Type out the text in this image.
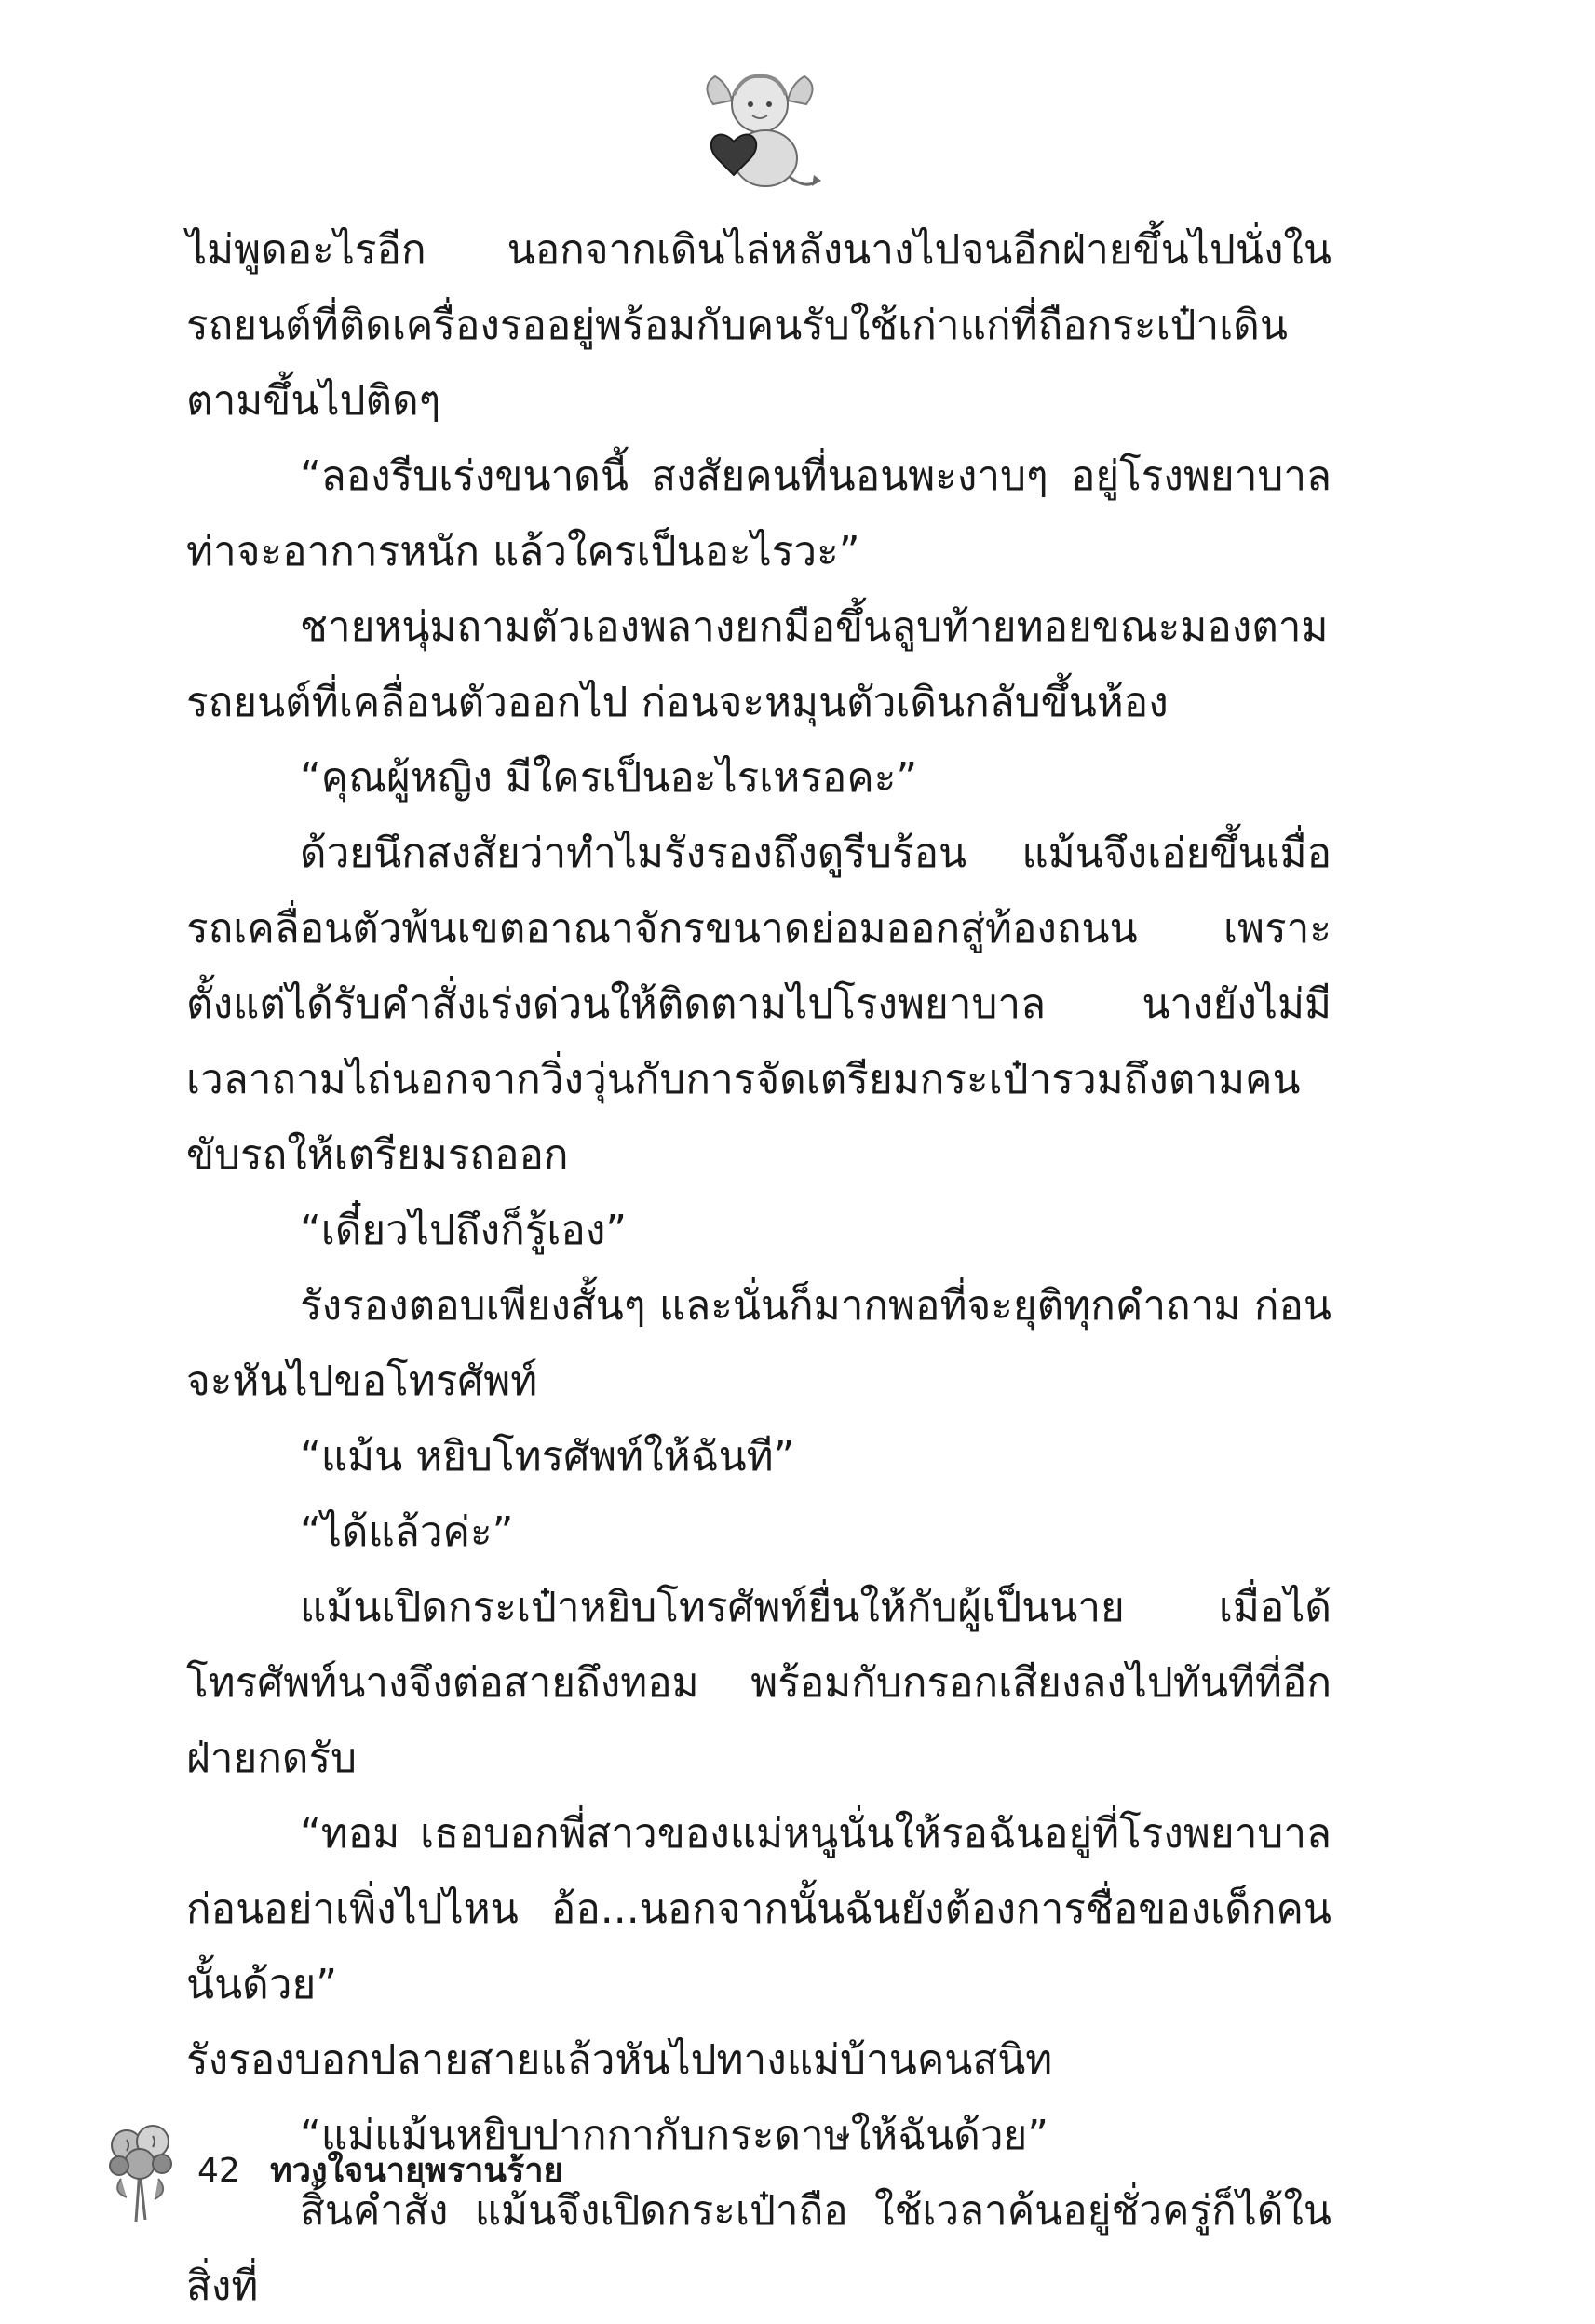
ไม่พูดอะไรอีก นอกจากเดินไล่หลังนางไปจนอีกฝ่ายขึ้นไปนั่งในรถยนต์ที่ติดเครื่องรออยู่พร้อมกับคนรับใช้เก่าแก่ที่ถือกระเป๋าเดินตามขึ้นไปติดๆ

“ลองรีบเร่งขนาดนี้ สงสัยคนที่นอนพะงาบๆ อยู่โรงพยาบาลท่าจะอาการหนัก แล้วใครเป็นอะไรวะ”

ชายหนุ่มถามตัวเองพลางยกมือขึ้นลูบท้ายทอยขณะมองตามรถยนต์ที่เคลื่อนตัวออกไป ก่อนจะหมุนตัวเดินกลับขึ้นห้อง

“คุณผู้หญิง มีใครเป็นอะไรเหรอคะ”

ด้วยนึกสงสัยว่าทำไมรังรองถึงดูรีบร้อน แม้นจึงเอ่ยขึ้นเมื่อรถเคลื่อนตัวพ้นเขตอาณาจักรขนาดย่อมออกสู่ท้องถนน เพราะตั้งแต่ได้รับคำสั่งเร่งด่วนให้ติดตามไปโรงพยาบาล นางยังไม่มีเวลาถามไถ่นอกจากวิ่งวุ่นกับการจัดเตรียมกระเป๋ารวมถึงตามคนขับรถให้เตรียมรถออก

“เดี๋ยวไปถึงก็รู้เอง”

รังรองตอบเพียงสั้นๆ และนั่นก็มากพอที่จะยุติทุกคำถาม ก่อนจะหันไปขอโทรศัพท์

“แม้น หยิบโทรศัพท์ให้ฉันที”

“ได้แล้วค่ะ”

แม้นเปิดกระเป๋าหยิบโทรศัพท์ยื่นให้กับผู้เป็นนาย เมื่อได้โทรศัพท์นางจึงต่อสายถึงทอม พร้อมกับกรอกเสียงลงไปทันทีที่อีกฝ่ายกดรับ

“ทอม เธอบอกพี่สาวของแม่หนูนั่นให้รอฉันอยู่ที่โรงพยาบาลก่อนอย่าเพิ่งไปไหน อ้อ...นอกจากนั้นฉันยังต้องการชื่อของเด็กคนนั้นด้วย”

รังรองบอกปลายสายแล้วหันไปทางแม่บ้านคนสนิท

“แม่แม้นหยิบปากกากับกระดาษให้ฉันด้วย”

สิ้นคำสั่ง แม้นจึงเปิดกระเป๋าถือ ใช้เวลาค้นอยู่ชั่วครู่ก็ได้ในสิ่งที่

42 ทวงใจนายพรานร้าย
